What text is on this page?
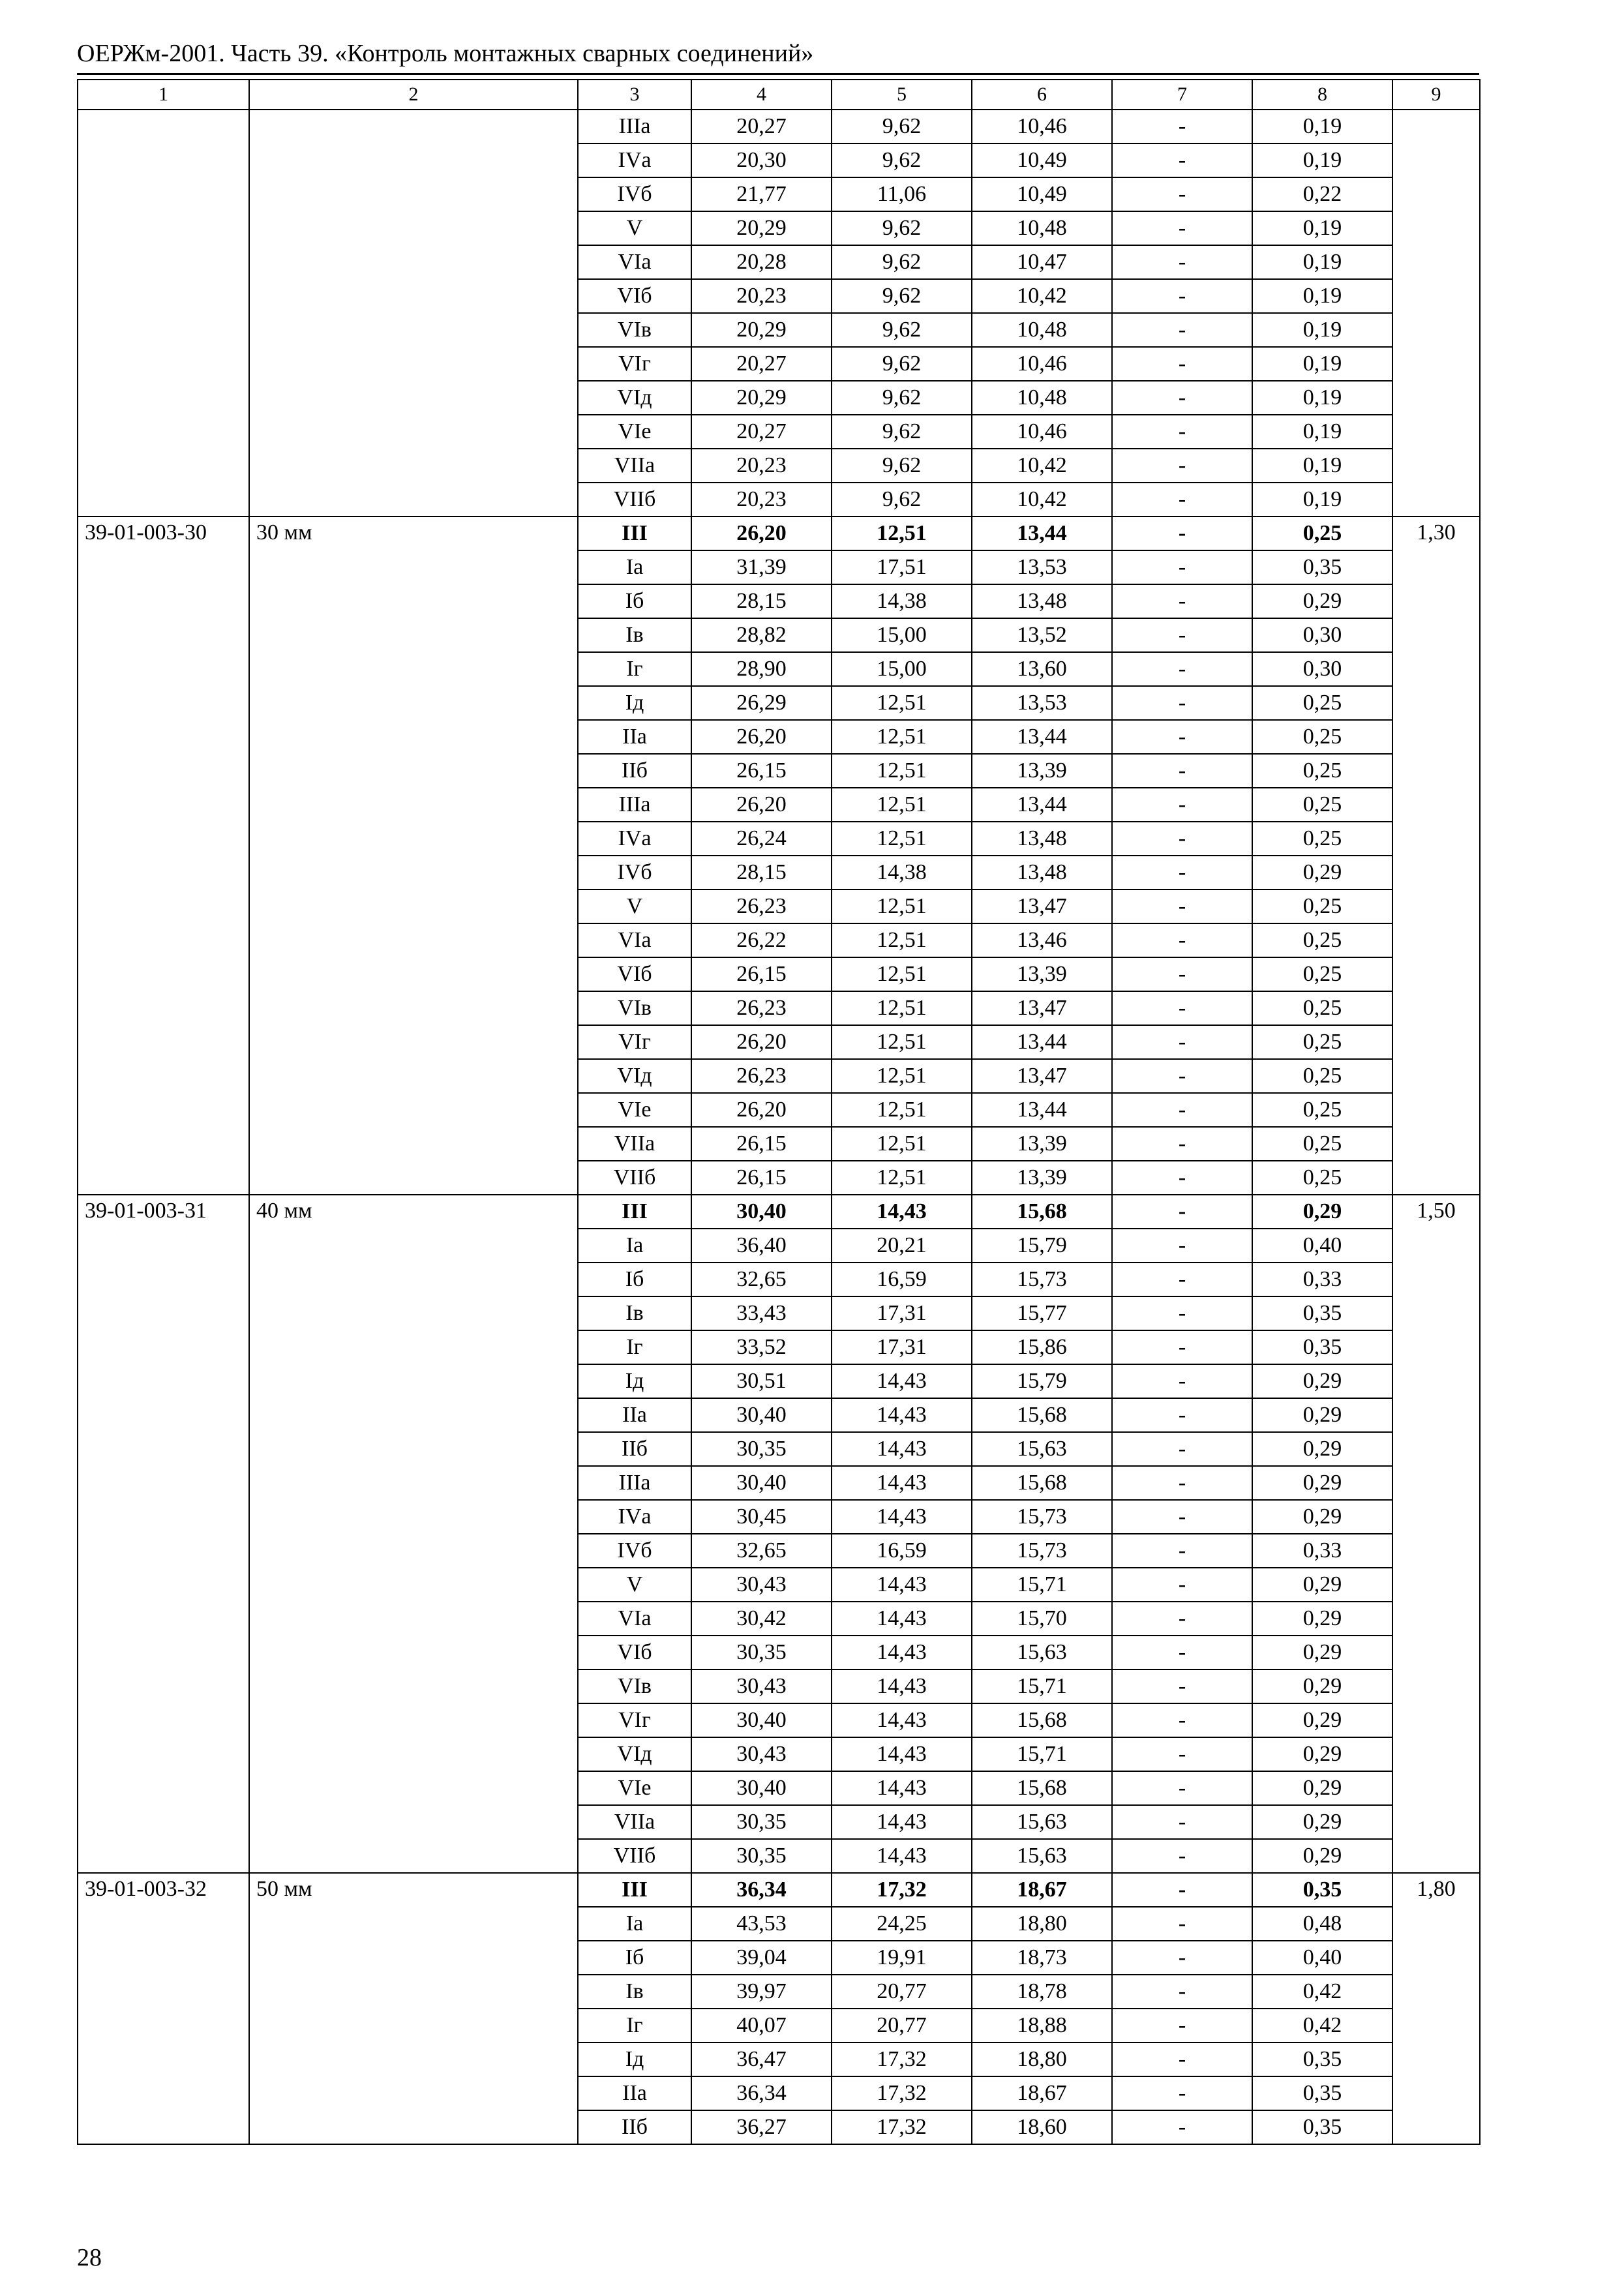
ОЕРЖм-2001. Часть 39. «Контроль монтажных сварных соединений»
1	2	3	4	5	6	7	8	9
		IIIа	20,27	9,62	10,46	-	0,19	
		IVа	20,30	9,62	10,49	-	0,19	
		IVб	21,77	11,06	10,49	-	0,22	
		V	20,29	9,62	10,48	-	0,19	
		VIа	20,28	9,62	10,47	-	0,19	
		VIб	20,23	9,62	10,42	-	0,19	
		VIв	20,29	9,62	10,48	-	0,19	
		VIг	20,27	9,62	10,46	-	0,19	
		VIд	20,29	9,62	10,48	-	0,19	
		VIе	20,27	9,62	10,46	-	0,19	
		VIIа	20,23	9,62	10,42	-	0,19	
		VIIб	20,23	9,62	10,42	-	0,19	
39-01-003-30	30 мм	III	26,20	12,51	13,44	-	0,25	1,30
		Iа	31,39	17,51	13,53	-	0,35	
		Iб	28,15	14,38	13,48	-	0,29	
		Iв	28,82	15,00	13,52	-	0,30	
		Iг	28,90	15,00	13,60	-	0,30	
		Iд	26,29	12,51	13,53	-	0,25	
		IIа	26,20	12,51	13,44	-	0,25	
		IIб	26,15	12,51	13,39	-	0,25	
		IIIа	26,20	12,51	13,44	-	0,25	
		IVа	26,24	12,51	13,48	-	0,25	
		IVб	28,15	14,38	13,48	-	0,29	
		V	26,23	12,51	13,47	-	0,25	
		VIа	26,22	12,51	13,46	-	0,25	
		VIб	26,15	12,51	13,39	-	0,25	
		VIв	26,23	12,51	13,47	-	0,25	
		VIг	26,20	12,51	13,44	-	0,25	
		VIд	26,23	12,51	13,47	-	0,25	
		VIе	26,20	12,51	13,44	-	0,25	
		VIIа	26,15	12,51	13,39	-	0,25	
		VIIб	26,15	12,51	13,39	-	0,25	
39-01-003-31	40 мм	III	30,40	14,43	15,68	-	0,29	1,50
		Iа	36,40	20,21	15,79	-	0,40	
		Iб	32,65	16,59	15,73	-	0,33	
		Iв	33,43	17,31	15,77	-	0,35	
		Iг	33,52	17,31	15,86	-	0,35	
		Iд	30,51	14,43	15,79	-	0,29	
		IIа	30,40	14,43	15,68	-	0,29	
		IIб	30,35	14,43	15,63	-	0,29	
		IIIа	30,40	14,43	15,68	-	0,29	
		IVа	30,45	14,43	15,73	-	0,29	
		IVб	32,65	16,59	15,73	-	0,33	
		V	30,43	14,43	15,71	-	0,29	
		VIа	30,42	14,43	15,70	-	0,29	
		VIб	30,35	14,43	15,63	-	0,29	
		VIв	30,43	14,43	15,71	-	0,29	
		VIг	30,40	14,43	15,68	-	0,29	
		VIд	30,43	14,43	15,71	-	0,29	
		VIе	30,40	14,43	15,68	-	0,29	
		VIIа	30,35	14,43	15,63	-	0,29	
		VIIб	30,35	14,43	15,63	-	0,29	
39-01-003-32	50 мм	III	36,34	17,32	18,67	-	0,35	1,80
		Iа	43,53	24,25	18,80	-	0,48	
		Iб	39,04	19,91	18,73	-	0,40	
		Iв	39,97	20,77	18,78	-	0,42	
		Iг	40,07	20,77	18,88	-	0,42	
		Iд	36,47	17,32	18,80	-	0,35	
		IIа	36,34	17,32	18,67	-	0,35	
		IIб	36,27	17,32	18,60	-	0,35	
28
